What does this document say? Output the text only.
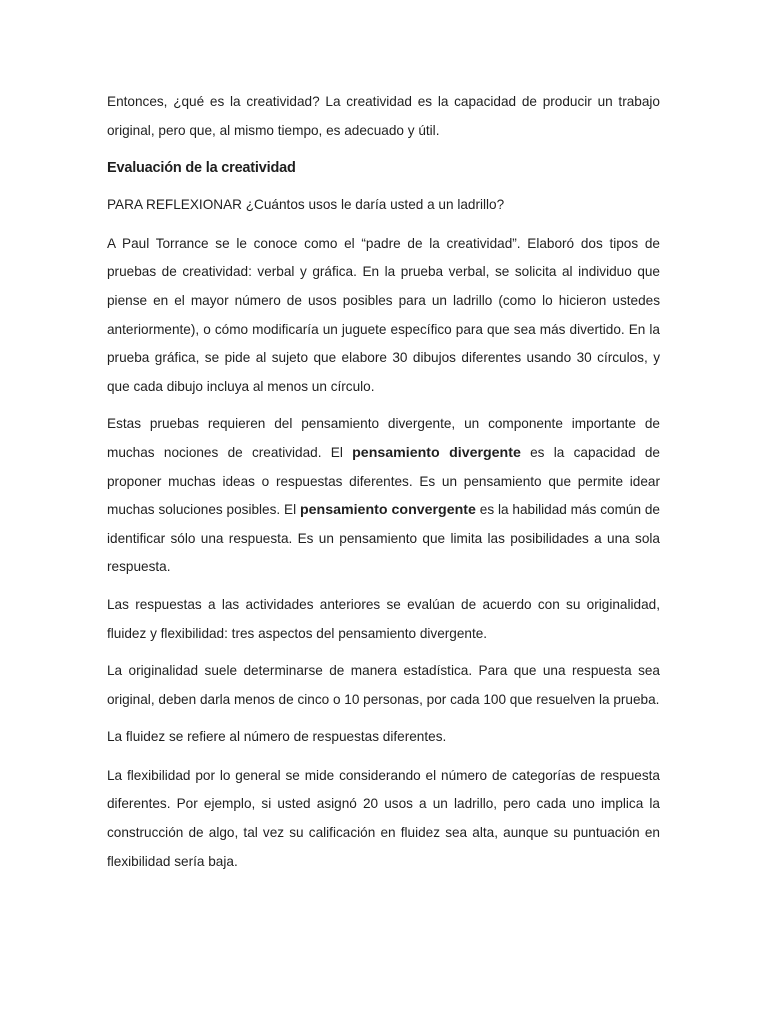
Entonces, ¿qué es la creatividad? La creatividad es la capacidad de producir un trabajo original, pero que, al mismo tiempo, es adecuado y útil.

Evaluación de la creatividad

PARA REFLEXIONAR ¿Cuántos usos le daría usted a un ladrillo?

A Paul Torrance se le conoce como el “padre de la creatividad”. Elaboró dos tipos de pruebas de creatividad: verbal y gráfica. En la prueba verbal, se solicita al individuo que piense en el mayor número de usos posibles para un ladrillo (como lo hicieron ustedes anteriormente), o cómo modificaría un juguete específico para que sea más divertido. En la prueba gráfica, se pide al sujeto que elabore 30 dibujos diferentes usando 30 círculos, y que cada dibujo incluya al menos un círculo.

Estas pruebas requieren del pensamiento divergente, un componente importante de muchas nociones de creatividad. El pensamiento divergente es la capacidad de proponer muchas ideas o respuestas diferentes. Es un pensamiento que permite idear muchas soluciones posibles. El pensamiento convergente es la habilidad más común de identificar sólo una respuesta. Es un pensamiento que limita las posibilidades a una sola respuesta.

Las respuestas a las actividades anteriores se evalúan de acuerdo con su originalidad, fluidez y flexibilidad: tres aspectos del pensamiento divergente.

La originalidad suele determinarse de manera estadística. Para que una respuesta sea original, deben darla menos de cinco o 10 personas, por cada 100 que resuelven la prueba.

La fluidez se refiere al número de respuestas diferentes.

La flexibilidad por lo general se mide considerando el número de categorías de respuesta diferentes. Por ejemplo, si usted asignó 20 usos a un ladrillo, pero cada uno implica la construcción de algo, tal vez su calificación en fluidez sea alta, aunque su puntuación en flexibilidad sería baja.
